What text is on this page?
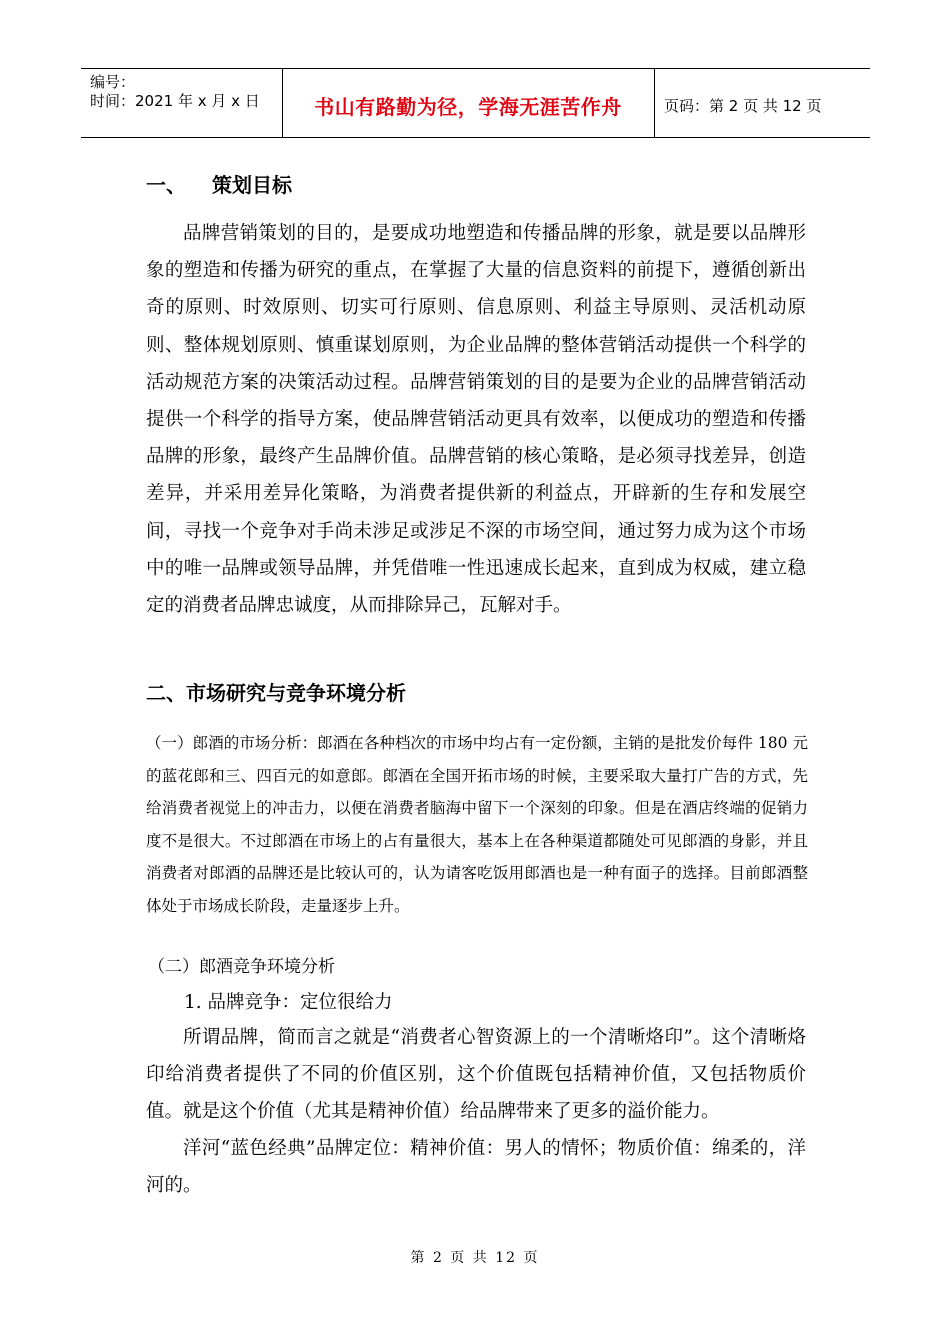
编号：
时间：2021 年 x 月 x 日	书山有路勤为径，学海无涯苦作舟	页码：第 2 页 共 12 页
一、 策划目标
品牌营销策划的目的，是要成功地塑造和传播品牌的形象，就是要以品牌形象的塑造和传播为研究的重点，在掌握了大量的信息资料的前提下，遵循创新出奇的原则、时效原则、切实可行原则、信息原则、利益主导原则、灵活机动原则、整体规划原则、慎重谋划原则，为企业品牌的整体营销活动提供一个科学的活动规范方案的决策活动过程。品牌营销策划的目的是要为企业的品牌营销活动提供一个科学的指导方案，使品牌营销活动更具有效率，以便成功的塑造和传播品牌的形象，最终产生品牌价值。品牌营销的核心策略，是必须寻找差异，创造差异，并采用差异化策略，为消费者提供新的利益点，开辟新的生存和发展空间，寻找一个竞争对手尚未涉足或涉足不深的市场空间，通过努力成为这个市场中的唯一品牌或领导品牌，并凭借唯一性迅速成长起来，直到成为权威，建立稳定的消费者品牌忠诚度，从而排除异己，瓦解对手。
二、市场研究与竞争环境分析
（一）郎酒的市场分析：郎酒在各种档次的市场中均占有一定份额，主销的是批发价每件 180 元的蓝花郎和三、四百元的如意郎。郎酒在全国开拓市场的时候，主要采取大量打广告的方式，先给消费者视觉上的冲击力，以便在消费者脑海中留下一个深刻的印象。但是在酒店终端的促销力度不是很大。不过郎酒在市场上的占有量很大，基本上在各种渠道都随处可见郎酒的身影，并且消费者对郎酒的品牌还是比较认可的，认为请客吃饭用郎酒也是一种有面子的选择。目前郎酒整体处于市场成长阶段，走量逐步上升。
（二）郎酒竞争环境分析
1. 品牌竞争：定位很给力
所谓品牌，简而言之就是“消费者心智资源上的一个清晰烙印”。这个清晰烙印给消费者提供了不同的价值区别，这个价值既包括精神价值，又包括物质价值。就是这个价值（尤其是精神价值）给品牌带来了更多的溢价能力。
洋河“蓝色经典”品牌定位：精神价值：男人的情怀；物质价值：绵柔的，洋河的。
第 2 页 共 12 页
